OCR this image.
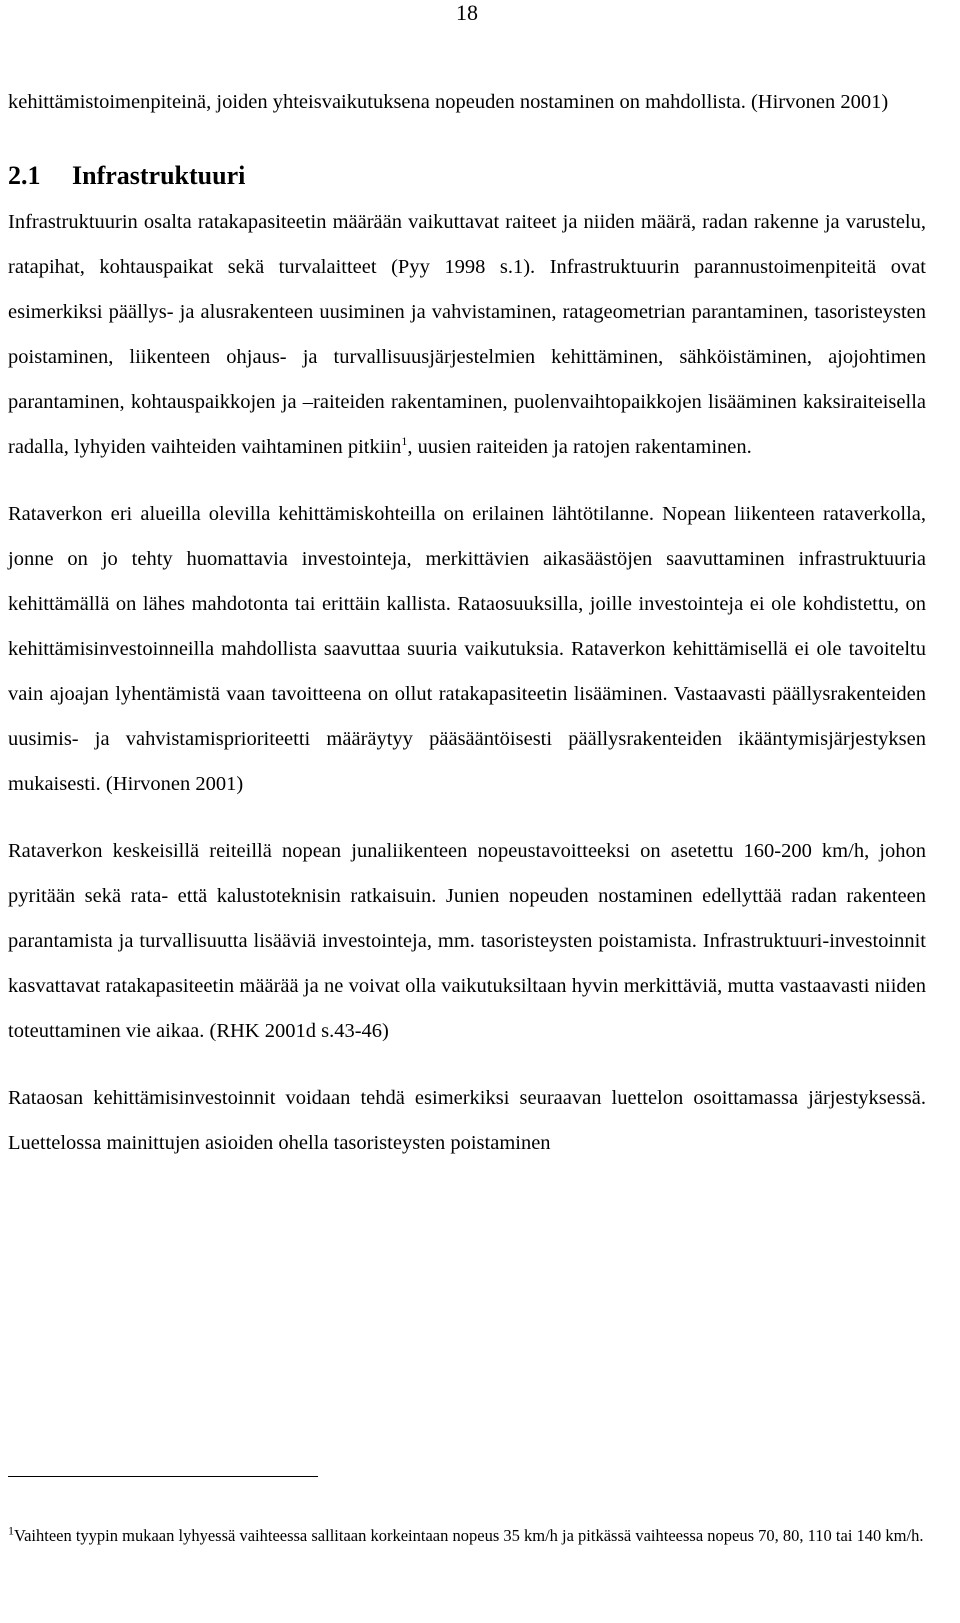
18

kehittämistoimenpiteinä, joiden yhteisvaikutuksena nopeuden nostaminen on mahdollista. (Hirvonen 2001)

2.1 Infrastruktuuri

Infrastruktuurin osalta ratakapasiteetin määrään vaikuttavat raiteet ja niiden määrä, radan rakenne ja varustelu, ratapihat, kohtauspaikat sekä turvalaitteet (Pyy 1998 s.1). Infrastruktuurin parannustoimenpiteitä ovat esimerkiksi päällys- ja alusrakenteen uusiminen ja vahvistaminen, ratageometrian parantaminen, tasoristeysten poistaminen, liikenteen ohjaus- ja turvallisuusjärjestelmien kehittäminen, sähköistäminen, ajojohtimen parantaminen, kohtauspaikkojen ja –raiteiden rakentaminen, puolenvaihtopaikkojen lisääminen kaksiraiteisella radalla, lyhyiden vaihteiden vaihtaminen pitkiin$^1$, uusien raiteiden ja ratojen rakentaminen.

Rataverkon eri alueilla olevilla kehittämiskohteilla on erilainen lähtötilanne. Nopean liikenteen rataverkolla, jonne on jo tehty huomattavia investointeja, merkittävien aikasäästöjen saavuttaminen infrastruktuuria kehittämällä on lähes mahdotonta tai erittäin kallista. Rataosuuksilla, joille investointeja ei ole kohdistettu, on kehittämisinvestoinneilla mahdollista saavuttaa suuria vaikutuksia. Rataverkon kehittämisellä ei ole tavoiteltu vain ajoajan lyhentämistä vaan tavoitteena on ollut ratakapasiteetin lisääminen. Vastaavasti päällysrakenteiden uusimis- ja vahvistamisprioriteetti määräytyy pääsääntöisesti päällysrakenteiden ikääntymisjärjestyksen mukaisesti. (Hirvonen 2001)

Rataverkon keskeisillä reiteillä nopean junaliikenteen nopeustavoitteeksi on asetettu 160-200 km/h, johon pyritään sekä rata- että kalustoteknisin ratkaisuin. Junien nopeuden nostaminen edellyttää radan rakenteen parantamista ja turvallisuutta lisääviä investointeja, mm. tasoristeysten poistamista. Infrastruktuuri-investoinnit kasvattavat ratakapasiteetin määrää ja ne voivat olla vaikutuksiltaan hyvin merkittäviä, mutta vastaavasti niiden toteuttaminen vie aikaa. (RHK 2001d s.43-46)

Rataosan kehittämisinvestoinnit voidaan tehdä esimerkiksi seuraavan luettelon osoittamassa järjestyksessä. Luettelossa mainittujen asioiden ohella tasoristeysten poistaminen

$^1$Vaihteen tyypin mukaan lyhyessä vaihteessa sallitaan korkeintaan nopeus 35 km/h ja pitkässä vaihteessa nopeus 70, 80, 110 tai 140 km/h.
